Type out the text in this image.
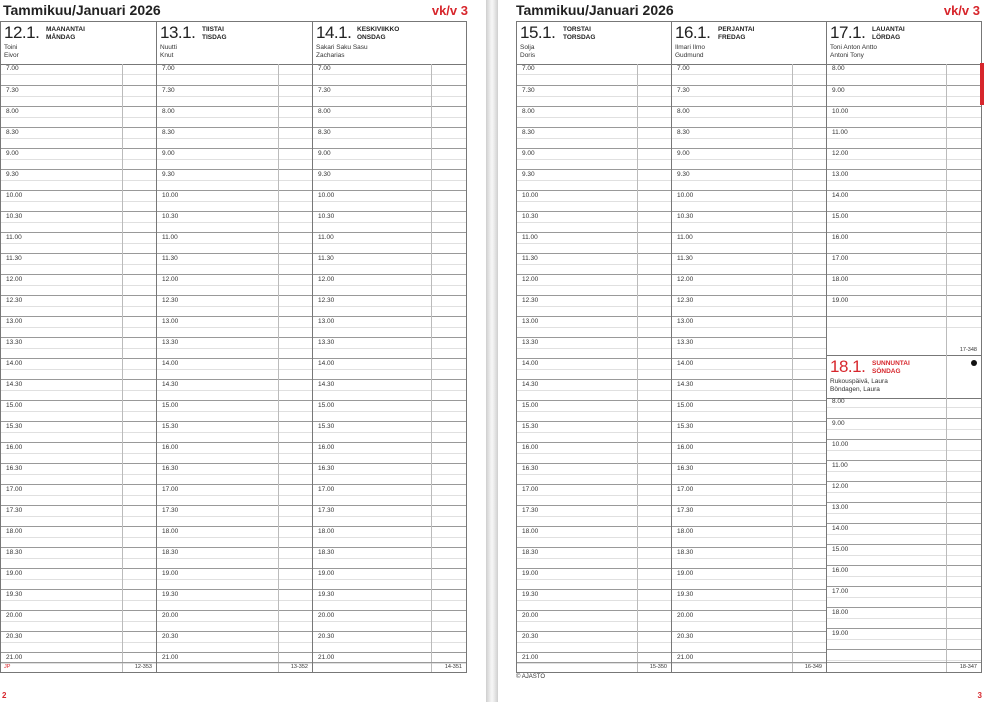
Tammikuu/Januari 2026	vk/v 3
12.1. MAANANTAI
MÅNDAG
Toini
Eivor
7.00
7.30
8.00
8.30
9.00
9.30
10.00
10.30
11.00
11.30
12.00
12.30
13.00
13.30
14.00
14.30
15.00
15.30
16.00
16.30
17.00
17.30
18.00
18.30
19.00
19.30
20.00
20.30
21.00
JP	12-353
13.1. TIISTAI
TISDAG
Nuutti
Knut
7.00
7.30
8.00
8.30
9.00
9.30
10.00
10.30
11.00
11.30
12.00
12.30
13.00
13.30
14.00
14.30
15.00
15.30
16.00
16.30
17.00
17.30
18.00
18.30
19.00
19.30
20.00
20.30
21.00
13-352
14.1. KESKIVIIKKO
ONSDAG
Sakari Saku Sasu
Zacharias
7.00
7.30
8.00
8.30
9.00
9.30
10.00
10.30
11.00
11.30
12.00
12.30
13.00
13.30
14.00
14.30
15.00
15.30
16.00
16.30
17.00
17.30
18.00
18.30
19.00
19.30
20.00
20.30
21.00
14-351
2
Tammikuu/Januari 2026	vk/v 3
15.1. TORSTAI
TORSDAG
Solja
Doris
7.00
7.30
8.00
8.30
9.00
9.30
10.00
10.30
11.00
11.30
12.00
12.30
13.00
13.30
14.00
14.30
15.00
15.30
16.00
16.30
17.00
17.30
18.00
18.30
19.00
19.30
20.00
20.30
21.00
15-350
16.1. PERJANTAI
FREDAG
Ilmari Ilmo
Gudmund
7.00
7.30
8.00
8.30
9.00
9.30
10.00
10.30
11.00
11.30
12.00
12.30
13.00
13.30
14.00
14.30
15.00
15.30
16.00
16.30
17.00
17.30
18.00
18.30
19.00
19.30
20.00
20.30
21.00
16-349
17.1. LAUANTAI
LÖRDAG
Toni Anton Antto
Antoni Tony
8.00
9.00
10.00
11.00
12.00
13.00
14.00
15.00
16.00
17.00
18.00
19.00
17-348
18.1. SUNNUNTAI
SÖNDAG
Rukouspäivä, Laura
Böndagen, Laura
8.00
9.00
10.00
11.00
12.00
13.00
14.00
15.00
16.00
17.00
18.00
19.00
18-347
© AJASTO
3
